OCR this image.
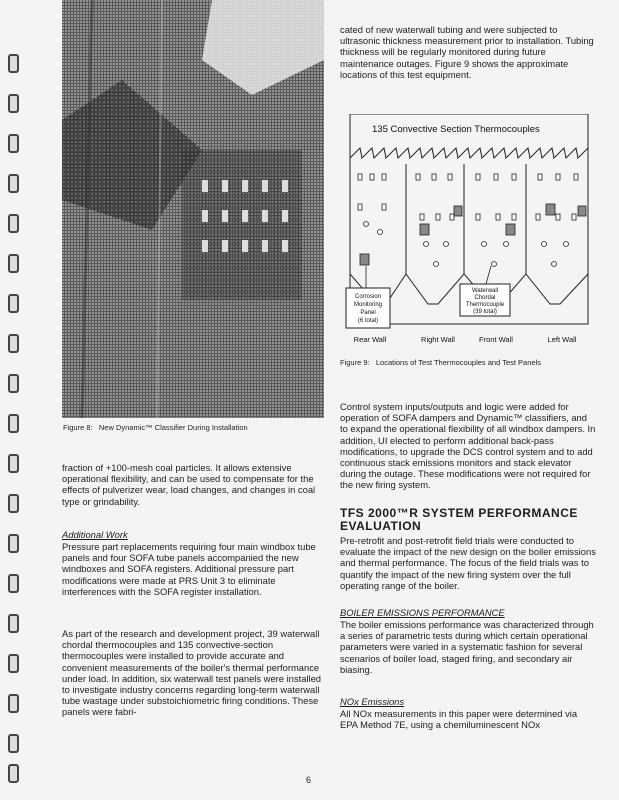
Figure 8: New Dynamic™ Classifier During Installation

fraction of +100-mesh coal particles. It allows extensive operational flexibility, and can be used to compensate for the effects of pulverizer wear, load changes, and changes in coal type or grindability.

Additional Work

Pressure part replacements requiring four main windbox tube panels and four SOFA tube panels accompanied the new windboxes and SOFA registers. Additional pressure part modifications were made at PRS Unit 3 to eliminate interferences with the SOFA register installation.

As part of the research and development project, 39 waterwall chordal thermocouples and 135 convective-section thermocouples were installed to provide accurate and convenient measurements of the boiler's thermal performance under load. In addition, six waterwall test panels were installed to investigate industry concerns regarding long-term waterwall tube wastage under substoichiometric firing conditions. These panels were fabri-

cated of new waterwall tubing and were subjected to ultrasonic thickness measurement prior to installation. Tubing thickness will be regularly monitored during future maintenance outages. Figure 9 shows the approximate locations of this test equipment.

135 Convective Section Thermocouples
Corrosion
Monitoring
Panel
(6 total)
Waterwall
Chordal
Thermocouple
(39 total)
Rear Wall	Right Wall	Front Wall	Left Wall
Figure 9: Locations of Test Thermocouples and Test Panels

Control system inputs/outputs and logic were added for operation of SOFA dampers and Dynamic™ classifiers, and to expand the operational flexibility of all windbox dampers. In addition, UI elected to perform additional back-pass modifications, to upgrade the DCS control system and to add continuous stack emissions monitors and stack elevator during the outage. These modifications were not required for the new firing system.

TFS 2000™R SYSTEM PERFORMANCE EVALUATION

Pre-retrofit and post-retrofit field trials were conducted to evaluate the impact of the new design on the boiler emissions and thermal performance. The focus of the field trials was to quantify the impact of the new firing system over the full operating range of the boiler.

BOILER EMISSIONS PERFORMANCE

The boiler emissions performance was characterized through a series of parametric tests during which certain operational parameters were varied in a systematic fashion for several scenarios of boiler load, staged firing, and secondary air biasing.

NOx Emissions

All NOx measurements in this paper were determined via EPA Method 7E, using a chemiluminescent NOx

6
